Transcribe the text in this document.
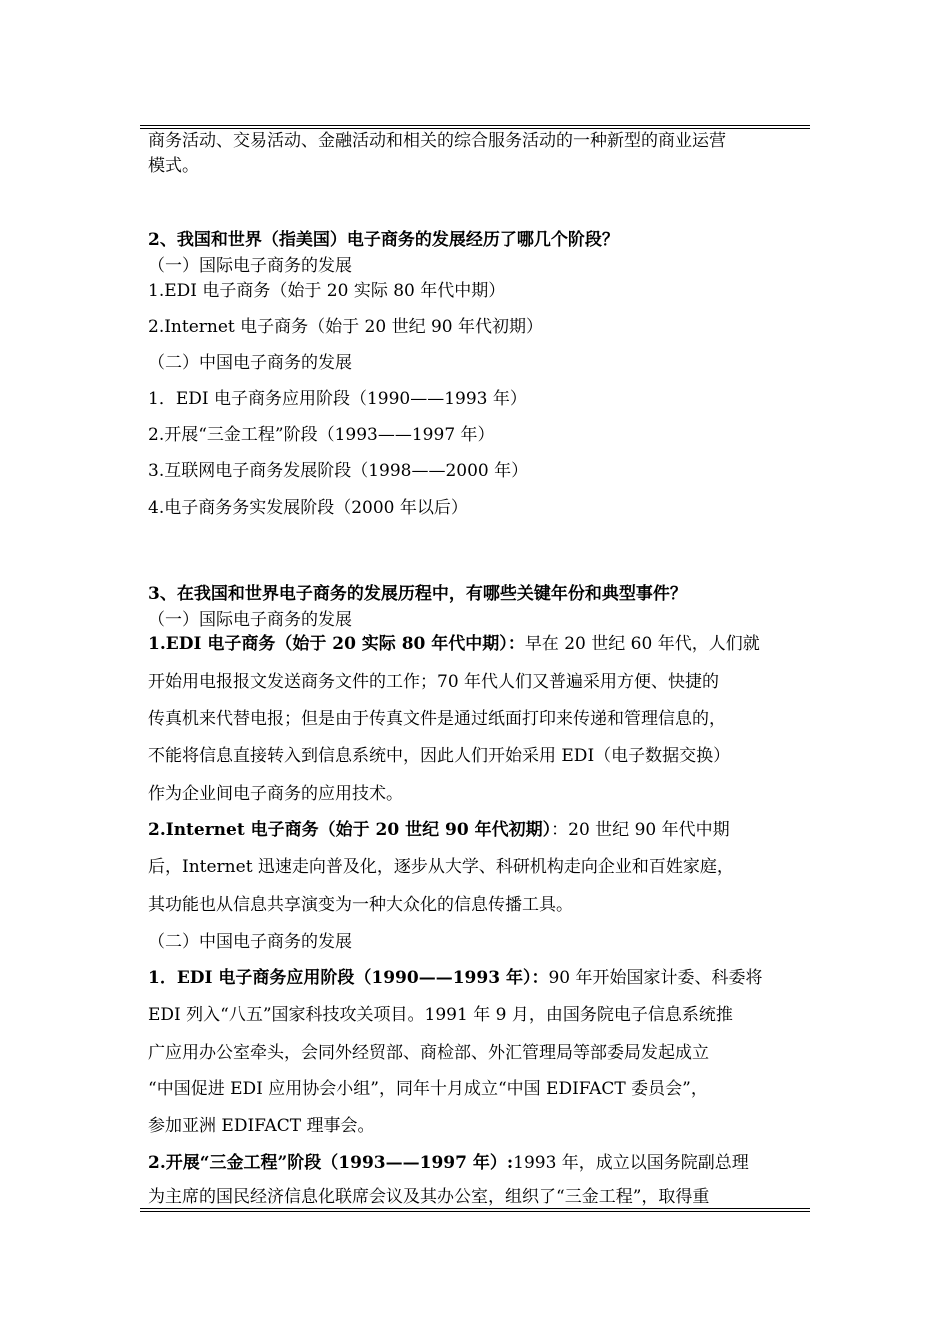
商务活动、交易活动、金融活动和相关的综合服务活动的一种新型的商业运营
模式。
2、我国和世界（指美国）电子商务的发展经历了哪几个阶段？
（一）国际电子商务的发展
1.EDI 电子商务（始于 20 实际 80 年代中期）
2.Internet 电子商务（始于 20 世纪 90 年代初期）
（二）中国电子商务的发展
1．EDI 电子商务应用阶段（1990——1993 年）
2.开展“三金工程”阶段（1993——1997 年）
3.互联网电子商务发展阶段（1998——2000 年）
4.电子商务务实发展阶段（2000 年以后）
3、在我国和世界电子商务的发展历程中，有哪些关键年份和典型事件？
（一）国际电子商务的发展
1.EDI 电子商务（始于 20 实际 80 年代中期）：早在 20 世纪 60 年代，人们就
开始用电报报文发送商务文件的工作；70 年代人们又普遍采用方便、快捷的
传真机来代替电报；但是由于传真文件是通过纸面打印来传递和管理信息的，
不能将信息直接转入到信息系统中，因此人们开始采用 EDI（电子数据交换）
作为企业间电子商务的应用技术。
2.Internet 电子商务（始于 20 世纪 90 年代初期）：20 世纪 90 年代中期
后，Internet 迅速走向普及化，逐步从大学、科研机构走向企业和百姓家庭，
其功能也从信息共享演变为一种大众化的信息传播工具。
（二）中国电子商务的发展
1．EDI 电子商务应用阶段（1990——1993 年）：90 年开始国家计委、科委将
EDI 列入“八五”国家科技攻关项目。1991 年 9 月，由国务院电子信息系统推
广应用办公室牵头，会同外经贸部、商检部、外汇管理局等部委局发起成立
“中国促进 EDI 应用协会小组”，同年十月成立“中国 EDIFACT 委员会”，
参加亚洲 EDIFACT 理事会。
2.开展“三金工程”阶段（1993——1997 年）:1993 年，成立以国务院副总理
为主席的国民经济信息化联席会议及其办公室，组织了“三金工程”，取得重
